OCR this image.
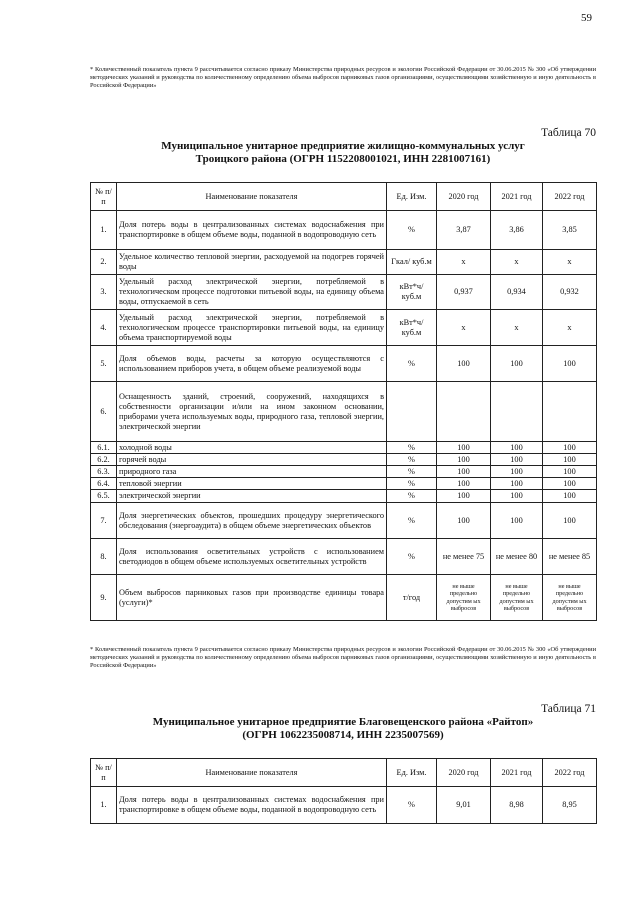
59
* Количественный показатель пункта 9 рассчитывается согласно приказу Министерства природных ресурсов и экологии Российской Федерации от 30.06.2015 № 300 «Об утверждении методических указаний и руководства по количественному определению объема выбросов парниковых газов организациями, осуществляющими хозяйственную и иную деятельность в Российской Федерации»
Таблица 70
Муниципальное унитарное предприятие жилищно-коммунальных услуг
Троицкого района (ОГРН 1152208001021, ИНН 2281007161)
№ п/п	Наименование показателя	Ед. Изм.	2020 год	2021 год	2022 год
1.	Доля потерь воды в централизованных системах водоснабжения при транспортировке в общем объеме воды, поданной в водопроводную сеть	%	3,87	3,86	3,85
2.	Удельное количество тепловой энергии, расходуемой на подогрев горячей воды	Гкал/ куб.м	х	х	х
3.	Удельный расход электрической энергии, потребляемой в технологическом процессе подготовки питьевой воды, на единицу объема воды, отпускаемой в сеть	кВт*ч/ куб.м	0,937	0,934	0,932
4.	Удельный расход электрической энергии, потребляемой в технологическом процессе транспортировки питьевой воды, на единицу объема транспортируемой воды	кВт*ч/ куб.м	х	х	х
5.	Доля объемов воды, расчеты за которую осуществляются с использованием приборов учета, в общем объеме реализуемой воды	%	100	100	100
6.	Оснащенность зданий, строений, сооружений, находящихся в собственности организации и/или на ином законном основании, приборами учета используемых воды, природного газа, тепловой энергии, электрической энергии				
6.1.	холодной воды	%	100	100	100
6.2.	горячей воды	%	100	100	100
6.3.	природного газа	%	100	100	100
6.4.	тепловой энергии	%	100	100	100
6.5.	электрической энергии	%	100	100	100
7.	Доля энергетических объектов, прошедших процедуру энергетического обследования (энергоаудита) в общем объеме энергетических объектов	%	100	100	100
8.	Доля использования осветительных устройств с использованием светодиодов в общем объеме используемых осветительных устройств	%	не менее 75	не менее 80	не менее 85
9.	Объем выбросов парниковых газов при производстве единицы товара (услуги)*	т/год	не выше предельно допустим ых выбросов	не выше предельно допустим ых выбросов	не выше предельно допустим ых выбросов
* Количественный показатель пункта 9 рассчитывается согласно приказу Министерства природных ресурсов и экологии Российской Федерации от 30.06.2015 № 300 «Об утверждении методических указаний и руководства по количественному определению объема выбросов парниковых газов организациями, осуществляющими хозяйственную и иную деятельность в Российской Федерации»
Таблица 71
Муниципальное унитарное предприятие Благовещенского района «Райтоп»
(ОГРН 1062235008714, ИНН 2235007569)
№ п/п	Наименование показателя	Ед. Изм.	2020 год	2021 год	2022 год
1.	Доля потерь воды в централизованных системах водоснабжения при транспортировке в общем объеме воды, поданной в водопроводную сеть	%	9,01	8,98	8,95
